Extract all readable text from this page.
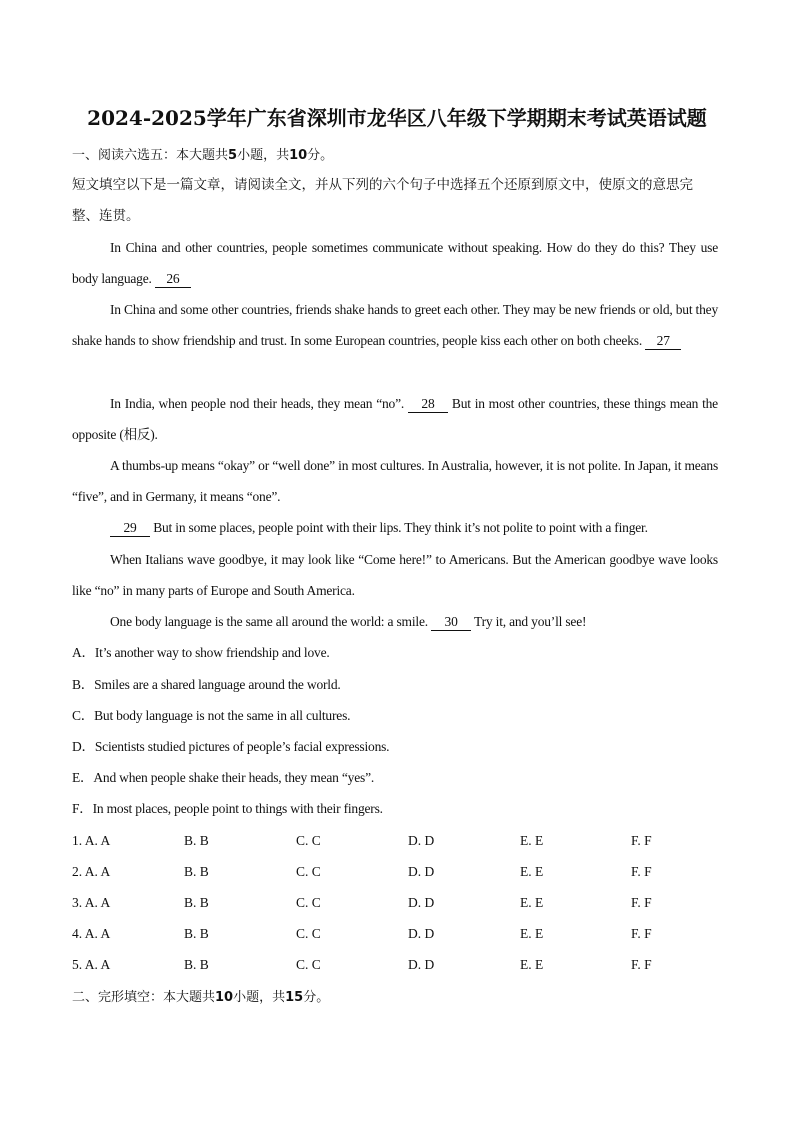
2024-2025学年广东省深圳市龙华区八年级下学期期末考试英语试题
一、阅读六选五：本大题共5小题，共10分。
短文填空以下是一篇文章，请阅读全文，并从下列的六个句子中选择五个还原到原文中，使原文的意思完
整、连贯。
In China and other countries, people sometimes communicate without speaking. How do they do this? They use body language. 26
In China and some other countries, friends shake hands to greet each other. They may be new friends or old, but they shake hands to show friendship and trust. In some European countries, people kiss each other on both cheeks. 27
In India, when people nod their heads, they mean “no”. 28 But in most other countries, these things mean the opposite (相反).
A thumbs-up means “okay” or “well done” in most cultures. In Australia, however, it is not polite. In Japan, it means “five”, and in Germany, it means “one”.
29 But in some places, people point with their lips. They think it’s not polite to point with a finger.
When Italians wave goodbye, it may look like “Come here!” to Americans. But the American goodbye wave looks like “no” in many parts of Europe and South America.
One body language is the same all around the world: a smile. 30 Try it, and you’ll see!
A．It’s another way to show friendship and love.
B．Smiles are a shared language around the world.
C．But body language is not the same in all cultures.
D．Scientists studied pictures of people’s facial expressions.
E．And when people shake their heads, they mean “yes”.
F．In most places, people point to things with their fingers.
1. A. A	B. B	C. C	D. D	E. E	F. F
2. A. A	B. B	C. C	D. D	E. E	F. F
3. A. A	B. B	C. C	D. D	E. E	F. F
4. A. A	B. B	C. C	D. D	E. E	F. F
5. A. A	B. B	C. C	D. D	E. E	F. F
二、完形填空：本大题共10小题，共15分。
